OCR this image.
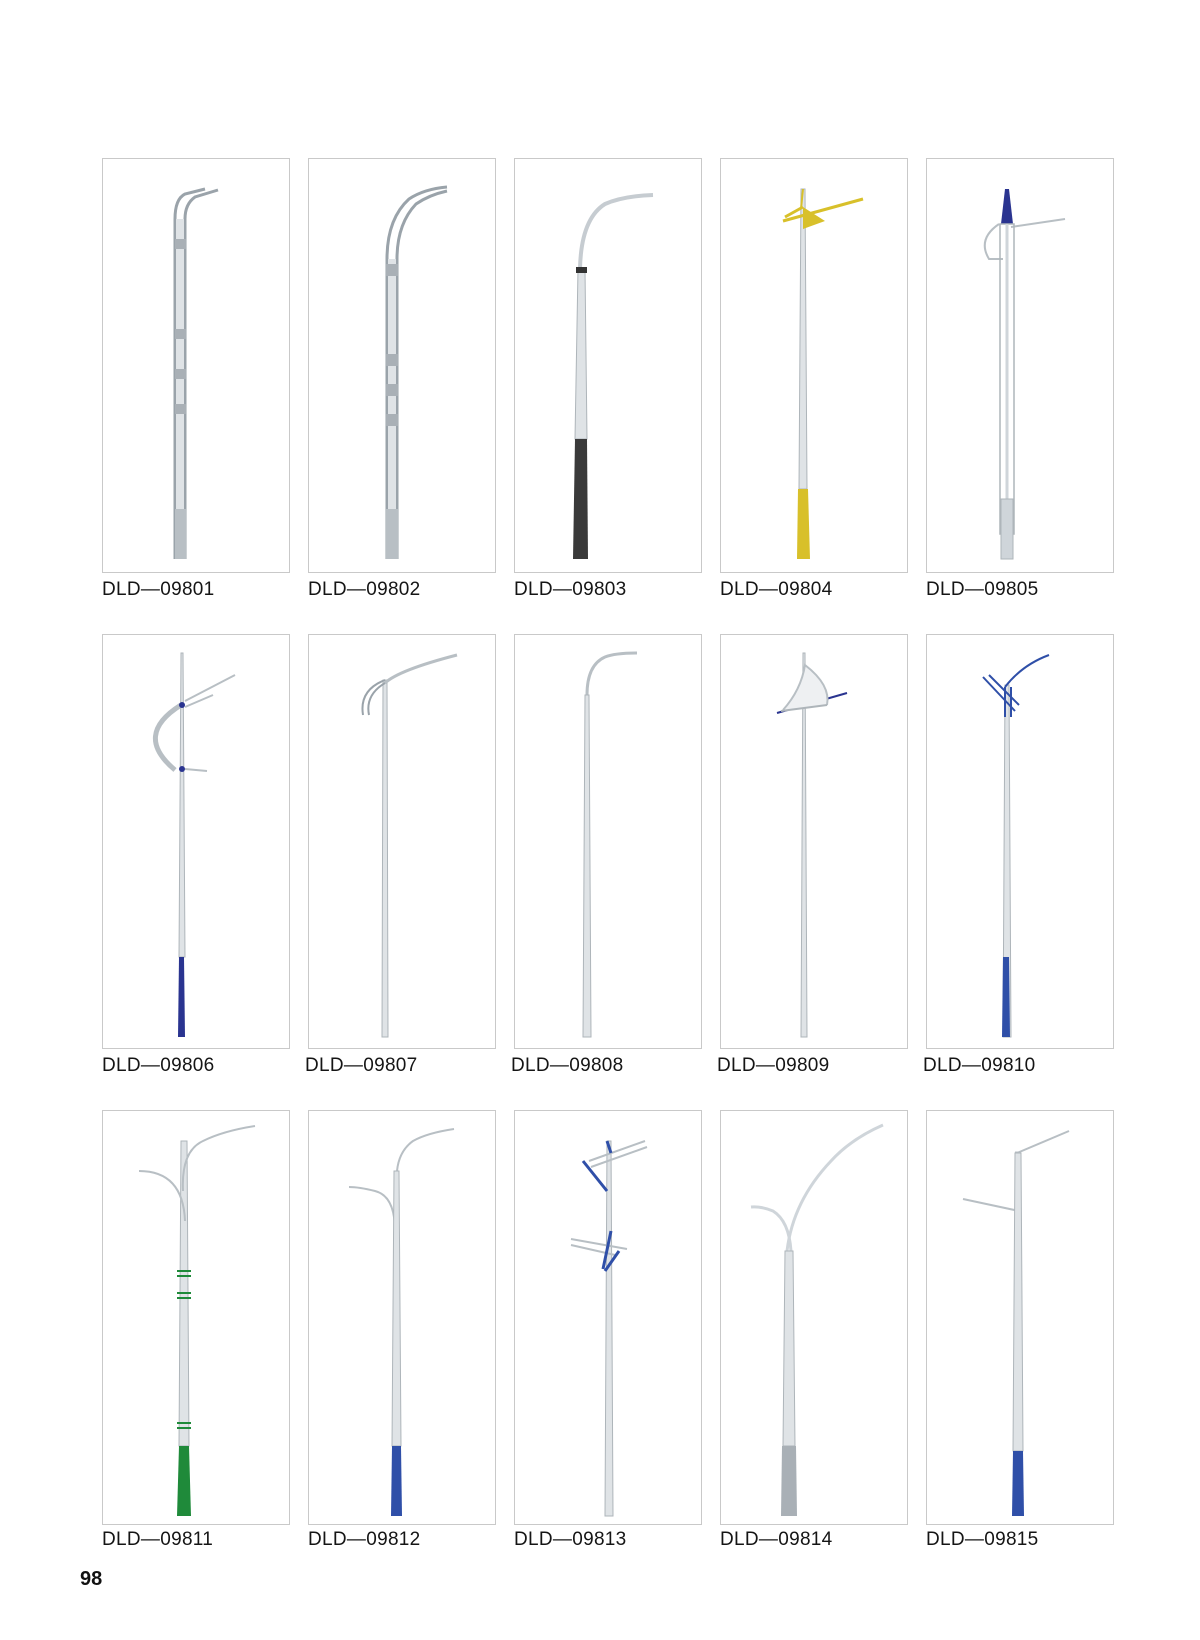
DLD—09801	DLD—09802	DLD—09803	DLD—09804	DLD—09805
DLD—09806	DLD—09807	DLD—09808	DLD—09809	DLD—09810
DLD—09811	DLD—09812	DLD—09813	DLD—09814	DLD—09815
98
